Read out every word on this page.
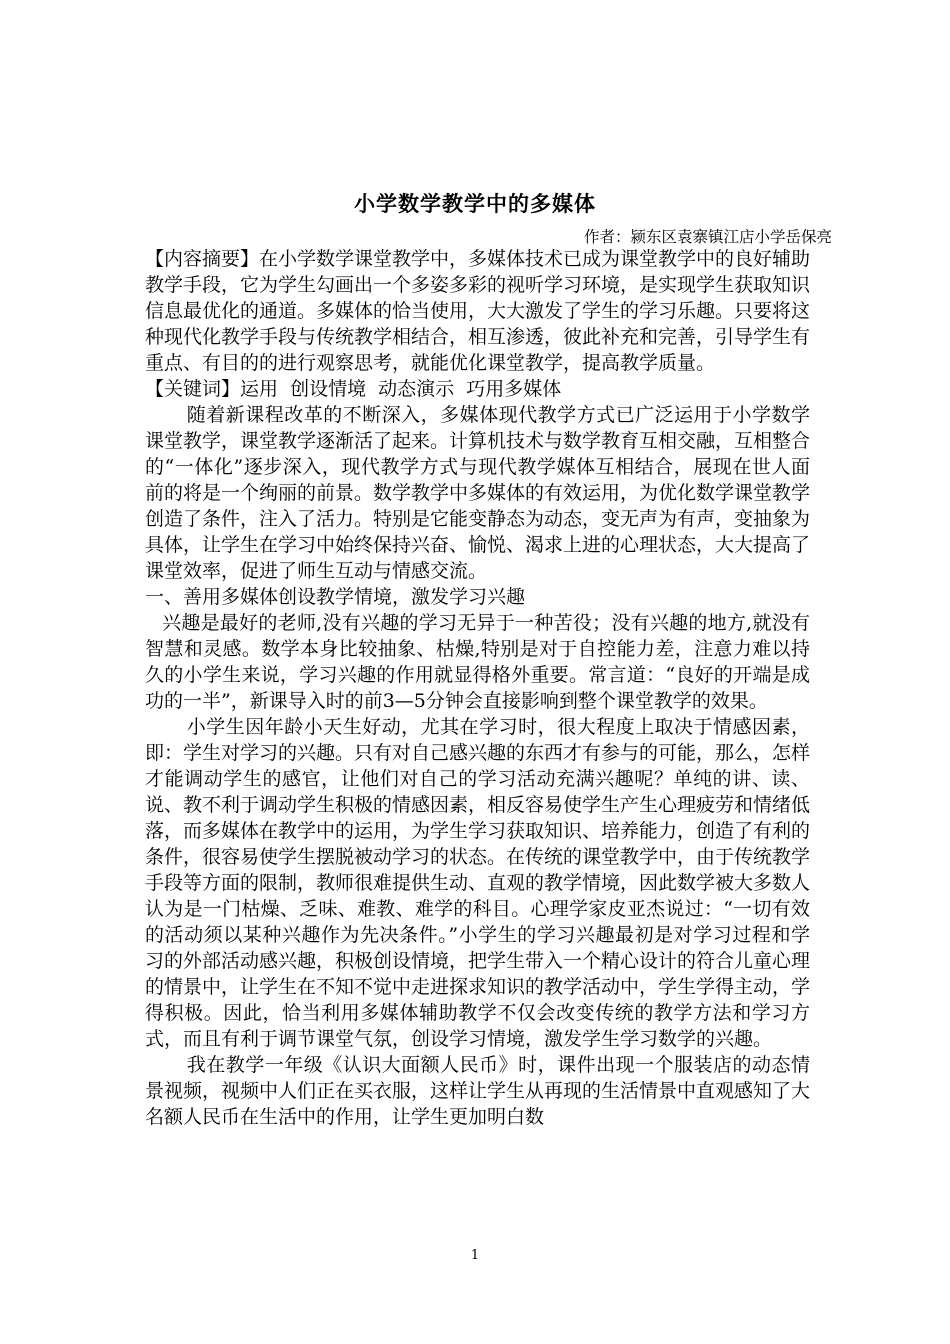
小学数学教学中的多媒体
作者：颍东区袁寨镇江店小学岳保亮

【内容摘要】在小学数学课堂教学中，多媒体技术已成为课堂教学中的良好辅助教学手段，它为学生勾画出一个多姿多彩的视听学习环境，是实现学生获取知识信息最优化的通道。多媒体的恰当使用，大大激发了学生的学习乐趣。只要将这种现代化教学手段与传统教学相结合，相互渗透，彼此补充和完善，引导学生有重点、有目的的进行观察思考，就能优化课堂教学，提高教学质量。

【关键词】运用  创设情境  动态演示  巧用多媒体

随着新课程改革的不断深入，多媒体现代教学方式已广泛运用于小学数学课堂教学，课堂教学逐渐活了起来。计算机技术与数学教育互相交融，互相整合的“一体化”逐步深入，现代教学方式与现代教学媒体互相结合，展现在世人面前的将是一个绚丽的前景。数学教学中多媒体的有效运用，为优化数学课堂教学创造了条件，注入了活力。特别是它能变静态为动态，变无声为有声，变抽象为具体，让学生在学习中始终保持兴奋、愉悦、渴求上进的心理状态，大大提高了课堂效率，促进了师生互动与情感交流。

一、善用多媒体创设教学情境，激发学习兴趣

兴趣是最好的老师,没有兴趣的学习无异于一种苦役；没有兴趣的地方,就没有智慧和灵感。数学本身比较抽象、枯燥,特别是对于自控能力差，注意力难以持久的小学生来说，学习兴趣的作用就显得格外重要。常言道：“良好的开端是成功的一半”，新课导入时的前3—5分钟会直接影响到整个课堂教学的效果。

小学生因年龄小天生好动，尤其在学习时，很大程度上取决于情感因素，即：学生对学习的兴趣。只有对自己感兴趣的东西才有参与的可能，那么，怎样才能调动学生的感官，让他们对自己的学习活动充满兴趣呢？单纯的讲、读、说、教不利于调动学生积极的情感因素，相反容易使学生产生心理疲劳和情绪低落，而多媒体在教学中的运用，为学生学习获取知识、培养能力，创造了有利的条件，很容易使学生摆脱被动学习的状态。在传统的课堂教学中，由于传统教学手段等方面的限制，教师很难提供生动、直观的教学情境，因此数学被大多数人认为是一门枯燥、乏味、难教、难学的科目。心理学家皮亚杰说过：“一切有效的活动须以某种兴趣作为先决条件。”小学生的学习兴趣最初是对学习过程和学习的外部活动感兴趣，积极创设情境，把学生带入一个精心设计的符合儿童心理的情景中，让学生在不知不觉中走进探求知识的教学活动中，学生学得主动，学得积极。因此，恰当利用多媒体辅助教学不仅会改变传统的教学方法和学习方式，而且有利于调节课堂气氛，创设学习情境，激发学生学习数学的兴趣。

我在教学一年级《认识大面额人民币》时，课件出现一个服装店的动态情景视频，视频中人们正在买衣服，这样让学生从再现的生活情景中直观感知了大名额人民币在生活中的作用，让学生更加明白数

1
